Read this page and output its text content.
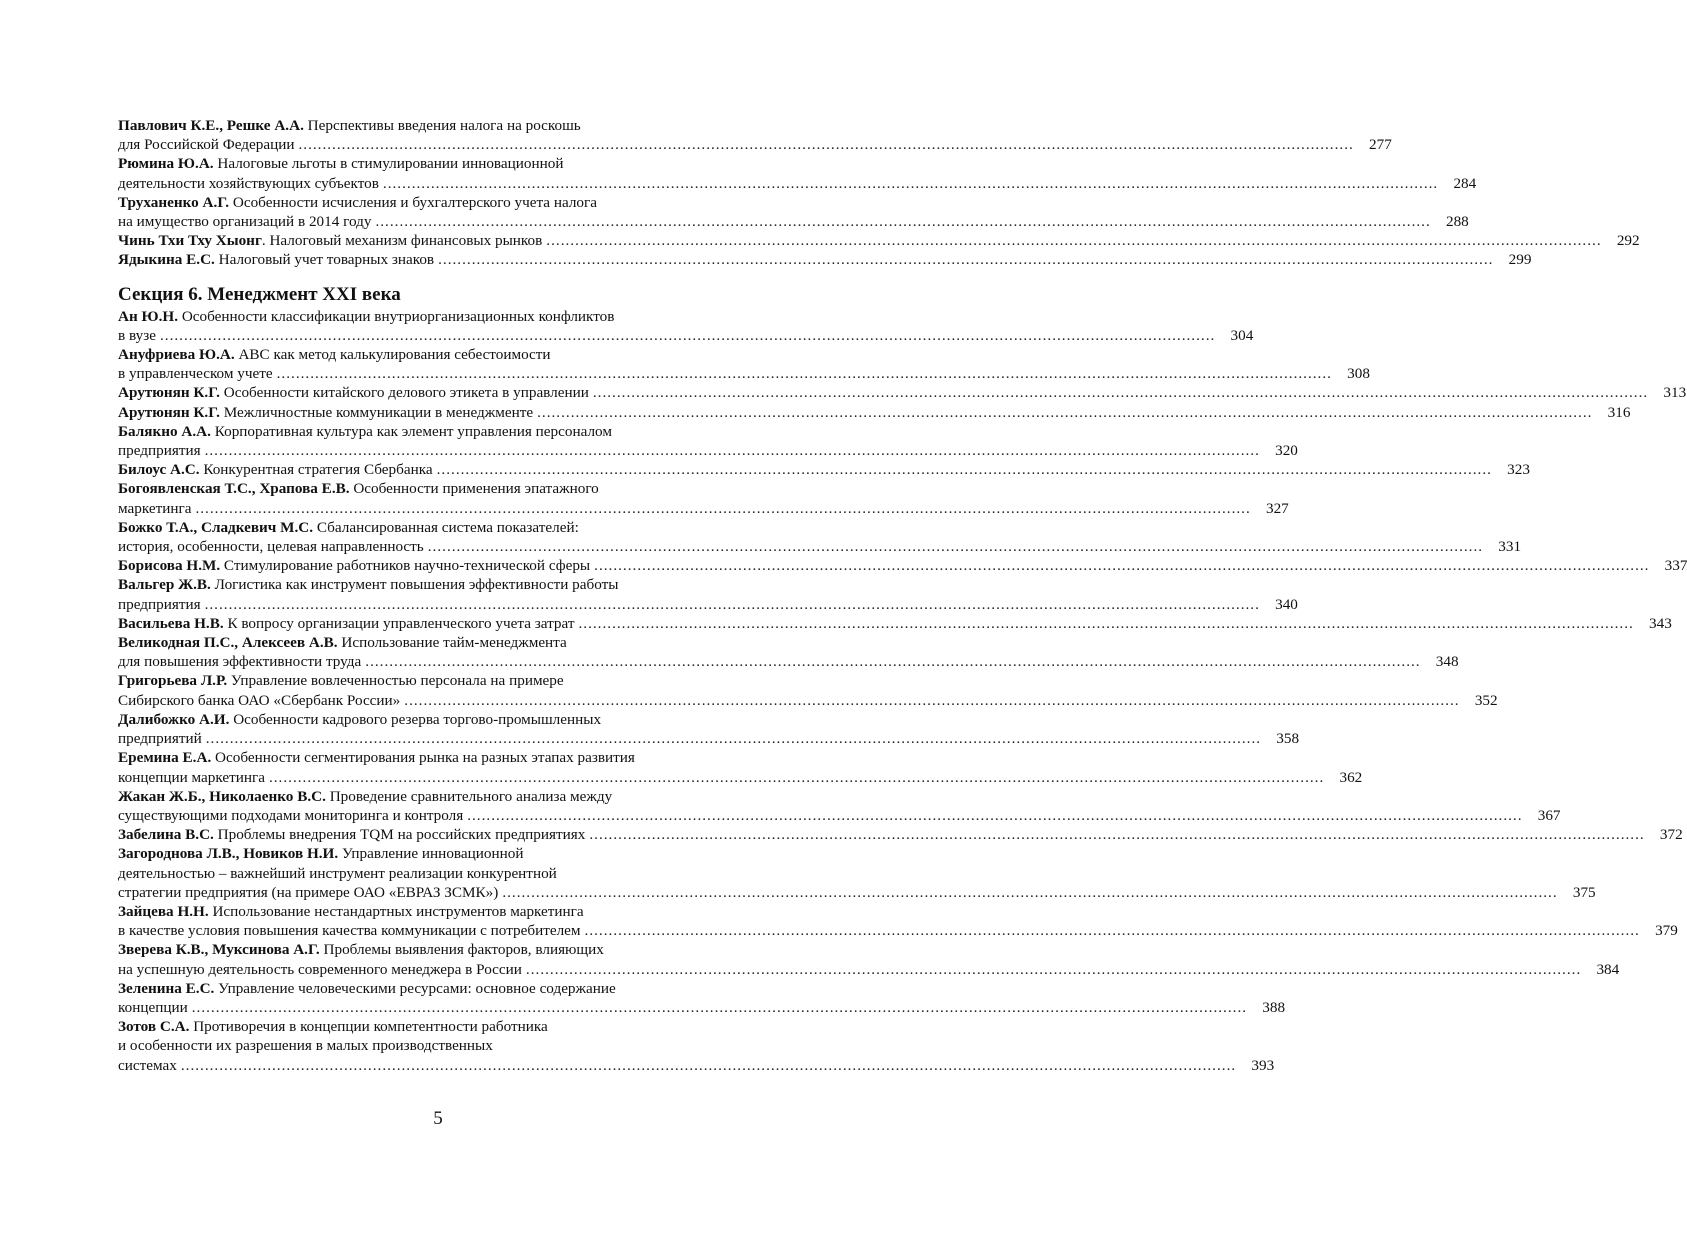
Павлович К.Е., Решке А.А. Перспективы введения налога на роскошь
для Российской Федерации ............................................................................................................................................................................................................................	277
Рюмина Ю.А. Налоговые льготы в стимулировании инновационной
деятельности хозяйствующих субъектов ............................................................................................................................................................................................................................	284
Труханенко А.Г. Особенности исчисления и бухгалтерского учета налога
на имущество организаций в 2014 году ............................................................................................................................................................................................................................	288
Чинь Тхи Тху Хыонг. Налоговый механизм финансовых рынков ............................................................................................................................................................................................................................	292
Ядыкина Е.С. Налоговый учет товарных знаков ............................................................................................................................................................................................................................	299
Секция 6. Менеджмент XXI века
Ан Ю.Н. Особенности классификации внутриорганизационных конфликтов
в вузе ............................................................................................................................................................................................................................	304
Ануфриева Ю.А. АВС как метод калькулирования себестоимости
в управленческом учете ............................................................................................................................................................................................................................	308
Арутюнян К.Г. Особенности китайского делового этикета в управлении ............................................................................................................................................................................................................................	313
Арутюнян К.Г. Межличностные коммуникации в менеджменте ............................................................................................................................................................................................................................	316
Балякно А.А. Корпоративная культура как элемент управления персоналом
предприятия ............................................................................................................................................................................................................................	320
Билоус А.С. Конкурентная стратегия Сбербанка ............................................................................................................................................................................................................................	323
Богоявленская Т.С., Храпова Е.В. Особенности применения эпатажного
маркетинга ............................................................................................................................................................................................................................	327
Божко Т.А., Сладкевич М.С. Сбалансированная система показателей:
история, особенности, целевая направленность ............................................................................................................................................................................................................................	331
Борисова Н.М. Стимулирование работников научно-технической сферы ............................................................................................................................................................................................................................	337
Вальгер Ж.В. Логистика как инструмент повышения эффективности работы
предприятия ............................................................................................................................................................................................................................	340
Васильева Н.В. К вопросу организации управленческого учета затрат ............................................................................................................................................................................................................................	343
Великодная П.С., Алексеев А.В. Использование тайм-менеджмента
для повышения эффективности труда ............................................................................................................................................................................................................................	348
Григорьева Л.Р. Управление вовлеченностью персонала на примере
Сибирского банка ОАО «Сбербанк России» ............................................................................................................................................................................................................................	352
Далибожко А.И. Особенности кадрового резерва торгово-промышленных
предприятий ............................................................................................................................................................................................................................	358
Еремина Е.А. Особенности сегментирования рынка на разных этапах развития
концепции маркетинга ............................................................................................................................................................................................................................	362
Жакан Ж.Б., Николаенко В.С. Проведение сравнительного анализа между
существующими подходами мониторинга и контроля ............................................................................................................................................................................................................................	367
Забелина В.С. Проблемы внедрения TQM на российских предприятиях ............................................................................................................................................................................................................................	372
Загороднова Л.В., Новиков Н.И. Управление инновационной
деятельностью – важнейший инструмент реализации конкурентной
стратегии предприятия (на примере ОАО «ЕВРАЗ ЗСМК») ............................................................................................................................................................................................................................	375
Зайцева Н.Н. Использование нестандартных инструментов маркетинга
в качестве условия повышения качества коммуникации с потребителем ............................................................................................................................................................................................................................	379
Зверева К.В., Муксинова А.Г. Проблемы выявления факторов, влияющих
на успешную деятельность современного менеджера в России ............................................................................................................................................................................................................................	384
Зеленина Е.С. Управление человеческими ресурсами: основное содержание
концепции ............................................................................................................................................................................................................................	388
Зотов С.А. Противоречия в концепции компетентности работника
и особенности их разрешения в малых производственных
системах ............................................................................................................................................................................................................................	393
5
